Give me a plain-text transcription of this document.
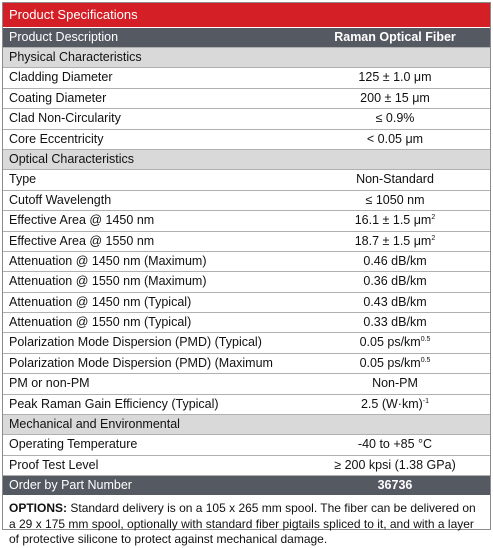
Product Specifications
Product Description	Raman Optical Fiber
Physical Characteristics
Cladding Diameter	125 ± 1.0 μm
Coating Diameter	200 ± 15 μm
Clad Non-Circularity	≤ 0.9%
Core Eccentricity	< 0.05 μm
Optical Characteristics
Type	Non-Standard
Cutoff Wavelength	≤ 1050 nm
Effective Area @ 1450 nm	16.1 ± 1.5 $\mu m^2$
Effective Area @ 1550 nm	18.7 ± 1.5 $\mu m^2$
Attenuation @ 1450 nm (Maximum)	0.46 dB/km
Attenuation @ 1550 nm (Maximum)	0.36 dB/km
Attenuation @ 1450 nm (Typical)	0.43 dB/km
Attenuation @ 1550 nm (Typical)	0.33 dB/km
Polarization Mode Dispersion (PMD) (Typical)	0.05 $ps/km^{0.5}$
Polarization Mode Dispersion (PMD) (Maximum	0.05 $ps/km^{0.5}$
PM or non-PM	Non-PM
Peak Raman Gain Efficiency (Typical)	2.5 $(W\cdot km)^{-1}$
Mechanical and Environmental
Operating Temperature	-40 to +85 °C
Proof Test Level	≥ 200 kpsi (1.38 GPa)
Order by Part Number	36736
OPTIONS: Standard delivery is on a 105 x 265 mm spool. The fiber can be delivered on a 29 x 175 mm spool, optionally with standard fiber pigtails spliced to it, and with a layer of protective silicone to protect against mechanical damage.
